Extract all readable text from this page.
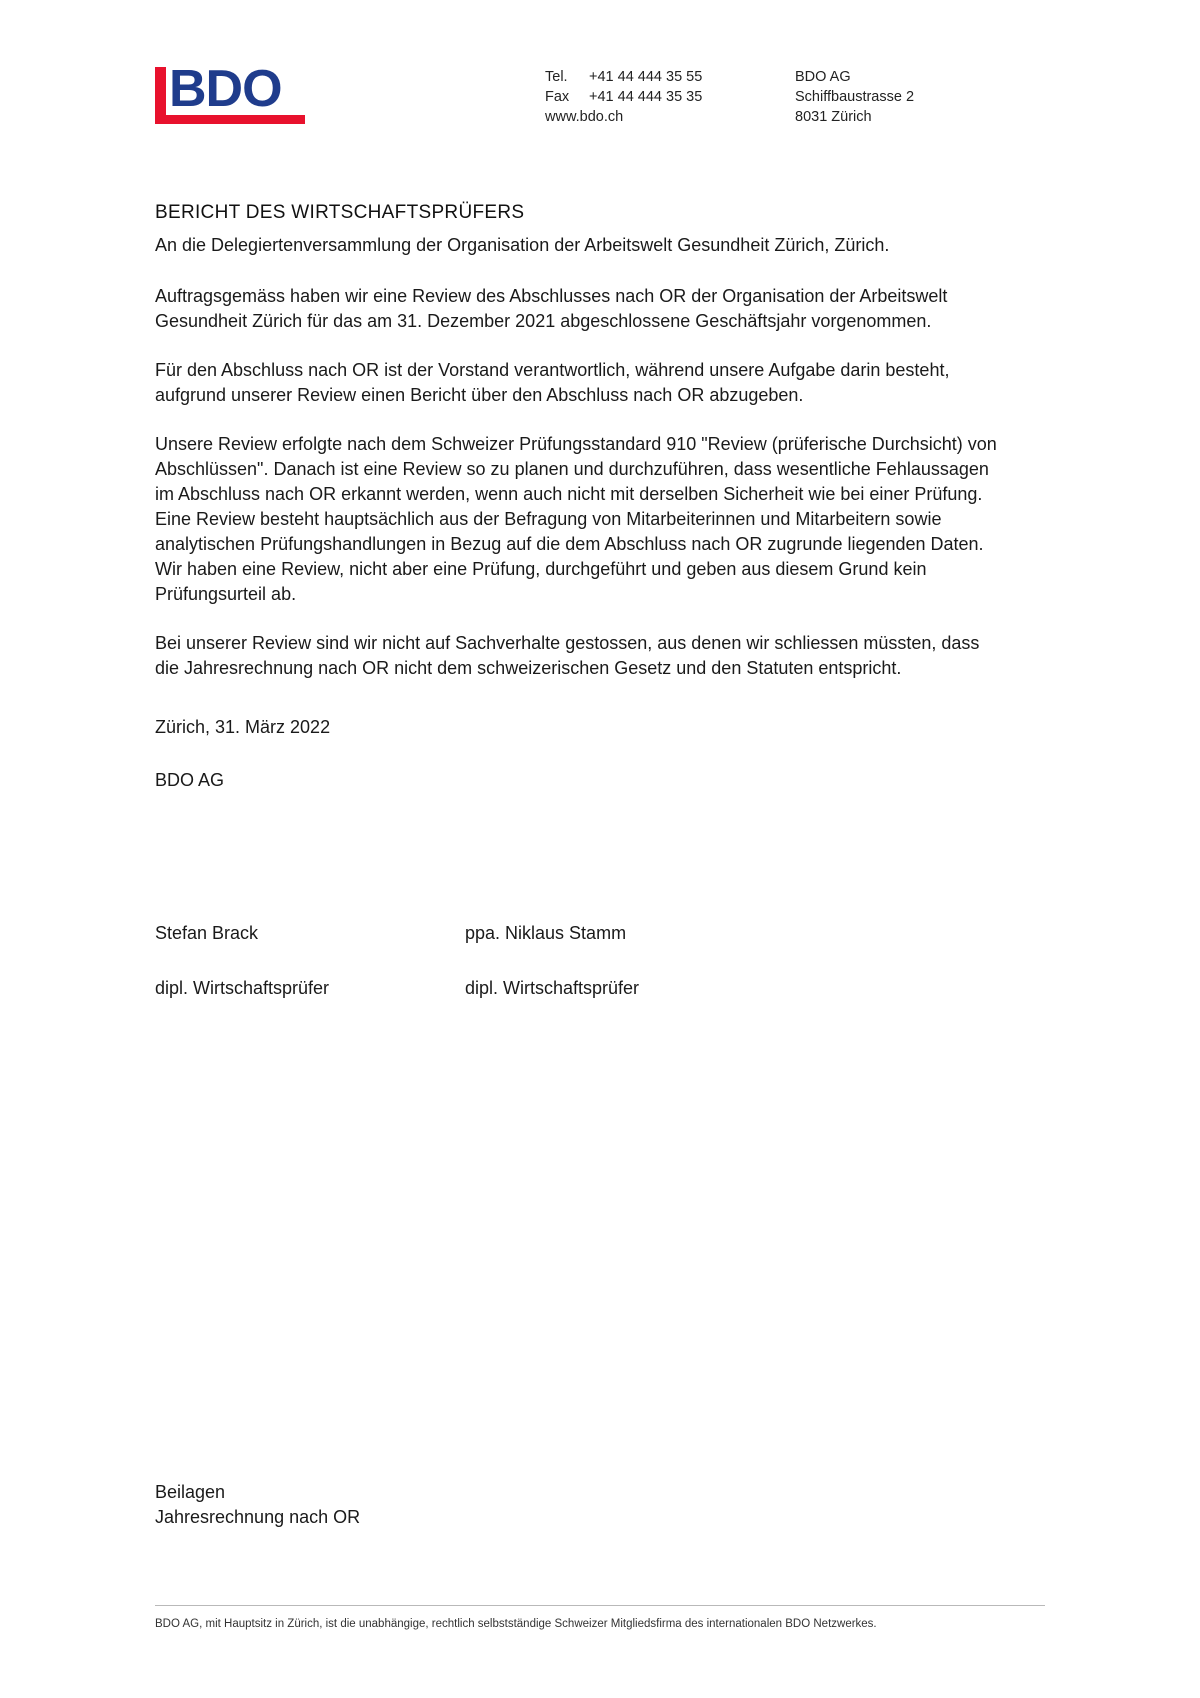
BDO	Tel. +41 44 444 35 55
Fax +41 44 444 35 35
www.bdo.ch
BDO AG
Schiffbaustrasse 2
8031 Zürich
BERICHT DES WIRTSCHAFTSPRÜFERS
An die Delegiertenversammlung der Organisation der Arbeitswelt Gesundheit Zürich, Zürich.

Auftragsgemäss haben wir eine Review des Abschlusses nach OR der Organisation der Arbeitswelt Gesundheit Zürich für das am 31. Dezember 2021 abgeschlossene Geschäftsjahr vorgenommen.

Für den Abschluss nach OR ist der Vorstand verantwortlich, während unsere Aufgabe darin besteht, aufgrund unserer Review einen Bericht über den Abschluss nach OR abzugeben.

Unsere Review erfolgte nach dem Schweizer Prüfungsstandard 910 "Review (prüferische Durchsicht) von Abschlüssen". Danach ist eine Review so zu planen und durchzuführen, dass wesentliche Fehlaussagen im Abschluss nach OR erkannt werden, wenn auch nicht mit derselben Sicherheit wie bei einer Prüfung. Eine Review besteht hauptsächlich aus der Befragung von Mitarbeiterinnen und Mitarbeitern sowie analytischen Prüfungshandlungen in Bezug auf die dem Abschluss nach OR zugrunde liegenden Daten. Wir haben eine Review, nicht aber eine Prüfung, durchgeführt und geben aus diesem Grund kein Prüfungsurteil ab.

Bei unserer Review sind wir nicht auf Sachverhalte gestossen, aus denen wir schliessen müssten, dass die Jahresrechnung nach OR nicht dem schweizerischen Gesetz und den Statuten entspricht.

Zürich, 31. März 2022
BDO AG
Stefan Brack	ppa. Niklaus Stamm
dipl. Wirtschaftsprüfer	dipl. Wirtschaftsprüfer
Beilagen
Jahresrechnung nach OR
BDO AG, mit Hauptsitz in Zürich, ist die unabhängige, rechtlich selbstständige Schweizer Mitgliedsfirma des internationalen BDO Netzwerkes.
